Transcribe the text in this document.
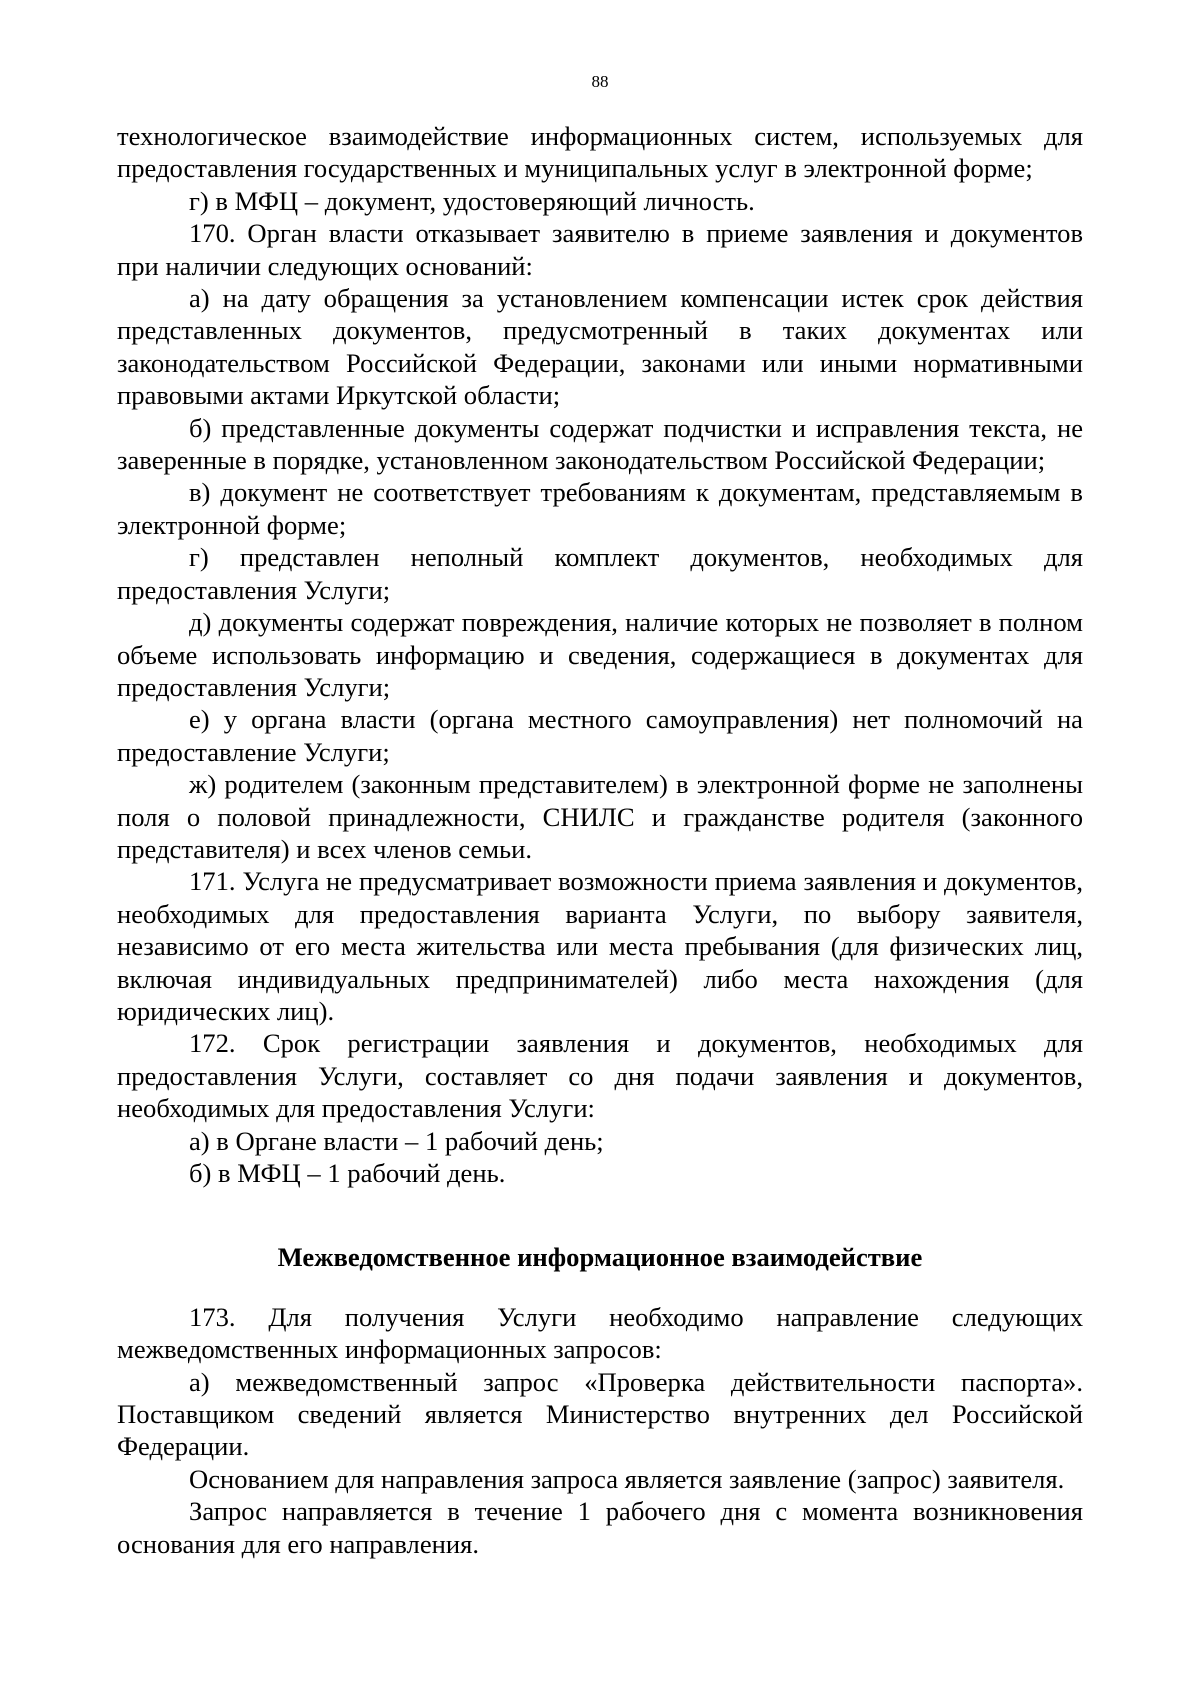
88

технологическое взаимодействие информационных систем, используемых для предоставления государственных и муниципальных услуг в электронной форме;

г) в МФЦ – документ, удостоверяющий личность.

170. Орган власти отказывает заявителю в приеме заявления и документов при наличии следующих оснований:

а) на дату обращения за установлением компенсации истек срок действия представленных документов, предусмотренный в таких документах или законодательством Российской Федерации, законами или иными нормативными правовыми актами Иркутской области;

б) представленные документы содержат подчистки и исправления текста, не заверенные в порядке, установленном законодательством Российской Федерации;

в) документ не соответствует требованиям к документам, представляемым в электронной форме;

г) представлен неполный комплект документов, необходимых для предоставления Услуги;

д) документы содержат повреждения, наличие которых не позволяет в полном объеме использовать информацию и сведения, содержащиеся в документах для предоставления Услуги;

е) у органа власти (органа местного самоуправления) нет полномочий на предоставление Услуги;

ж) родителем (законным представителем) в электронной форме не заполнены поля о половой принадлежности, СНИЛС и гражданстве родителя (законного представителя) и всех членов семьи.

171. Услуга не предусматривает возможности приема заявления и документов, необходимых для предоставления варианта Услуги, по выбору заявителя, независимо от его места жительства или места пребывания (для физических лиц, включая индивидуальных предпринимателей) либо места нахождения (для юридических лиц).

172. Срок регистрации заявления и документов, необходимых для предоставления Услуги, составляет со дня подачи заявления и документов, необходимых для предоставления Услуги:

а) в Органе власти – 1 рабочий день;

б) в МФЦ – 1 рабочий день.

Межведомственное информационное взаимодействие

173. Для получения Услуги необходимо направление следующих межведомственных информационных запросов:

а) межведомственный запрос «Проверка действительности паспорта». Поставщиком сведений является Министерство внутренних дел Российской Федерации.

Основанием для направления запроса является заявление (запрос) заявителя.

Запрос направляется в течение 1 рабочего дня с момента возникновения основания для его направления.
